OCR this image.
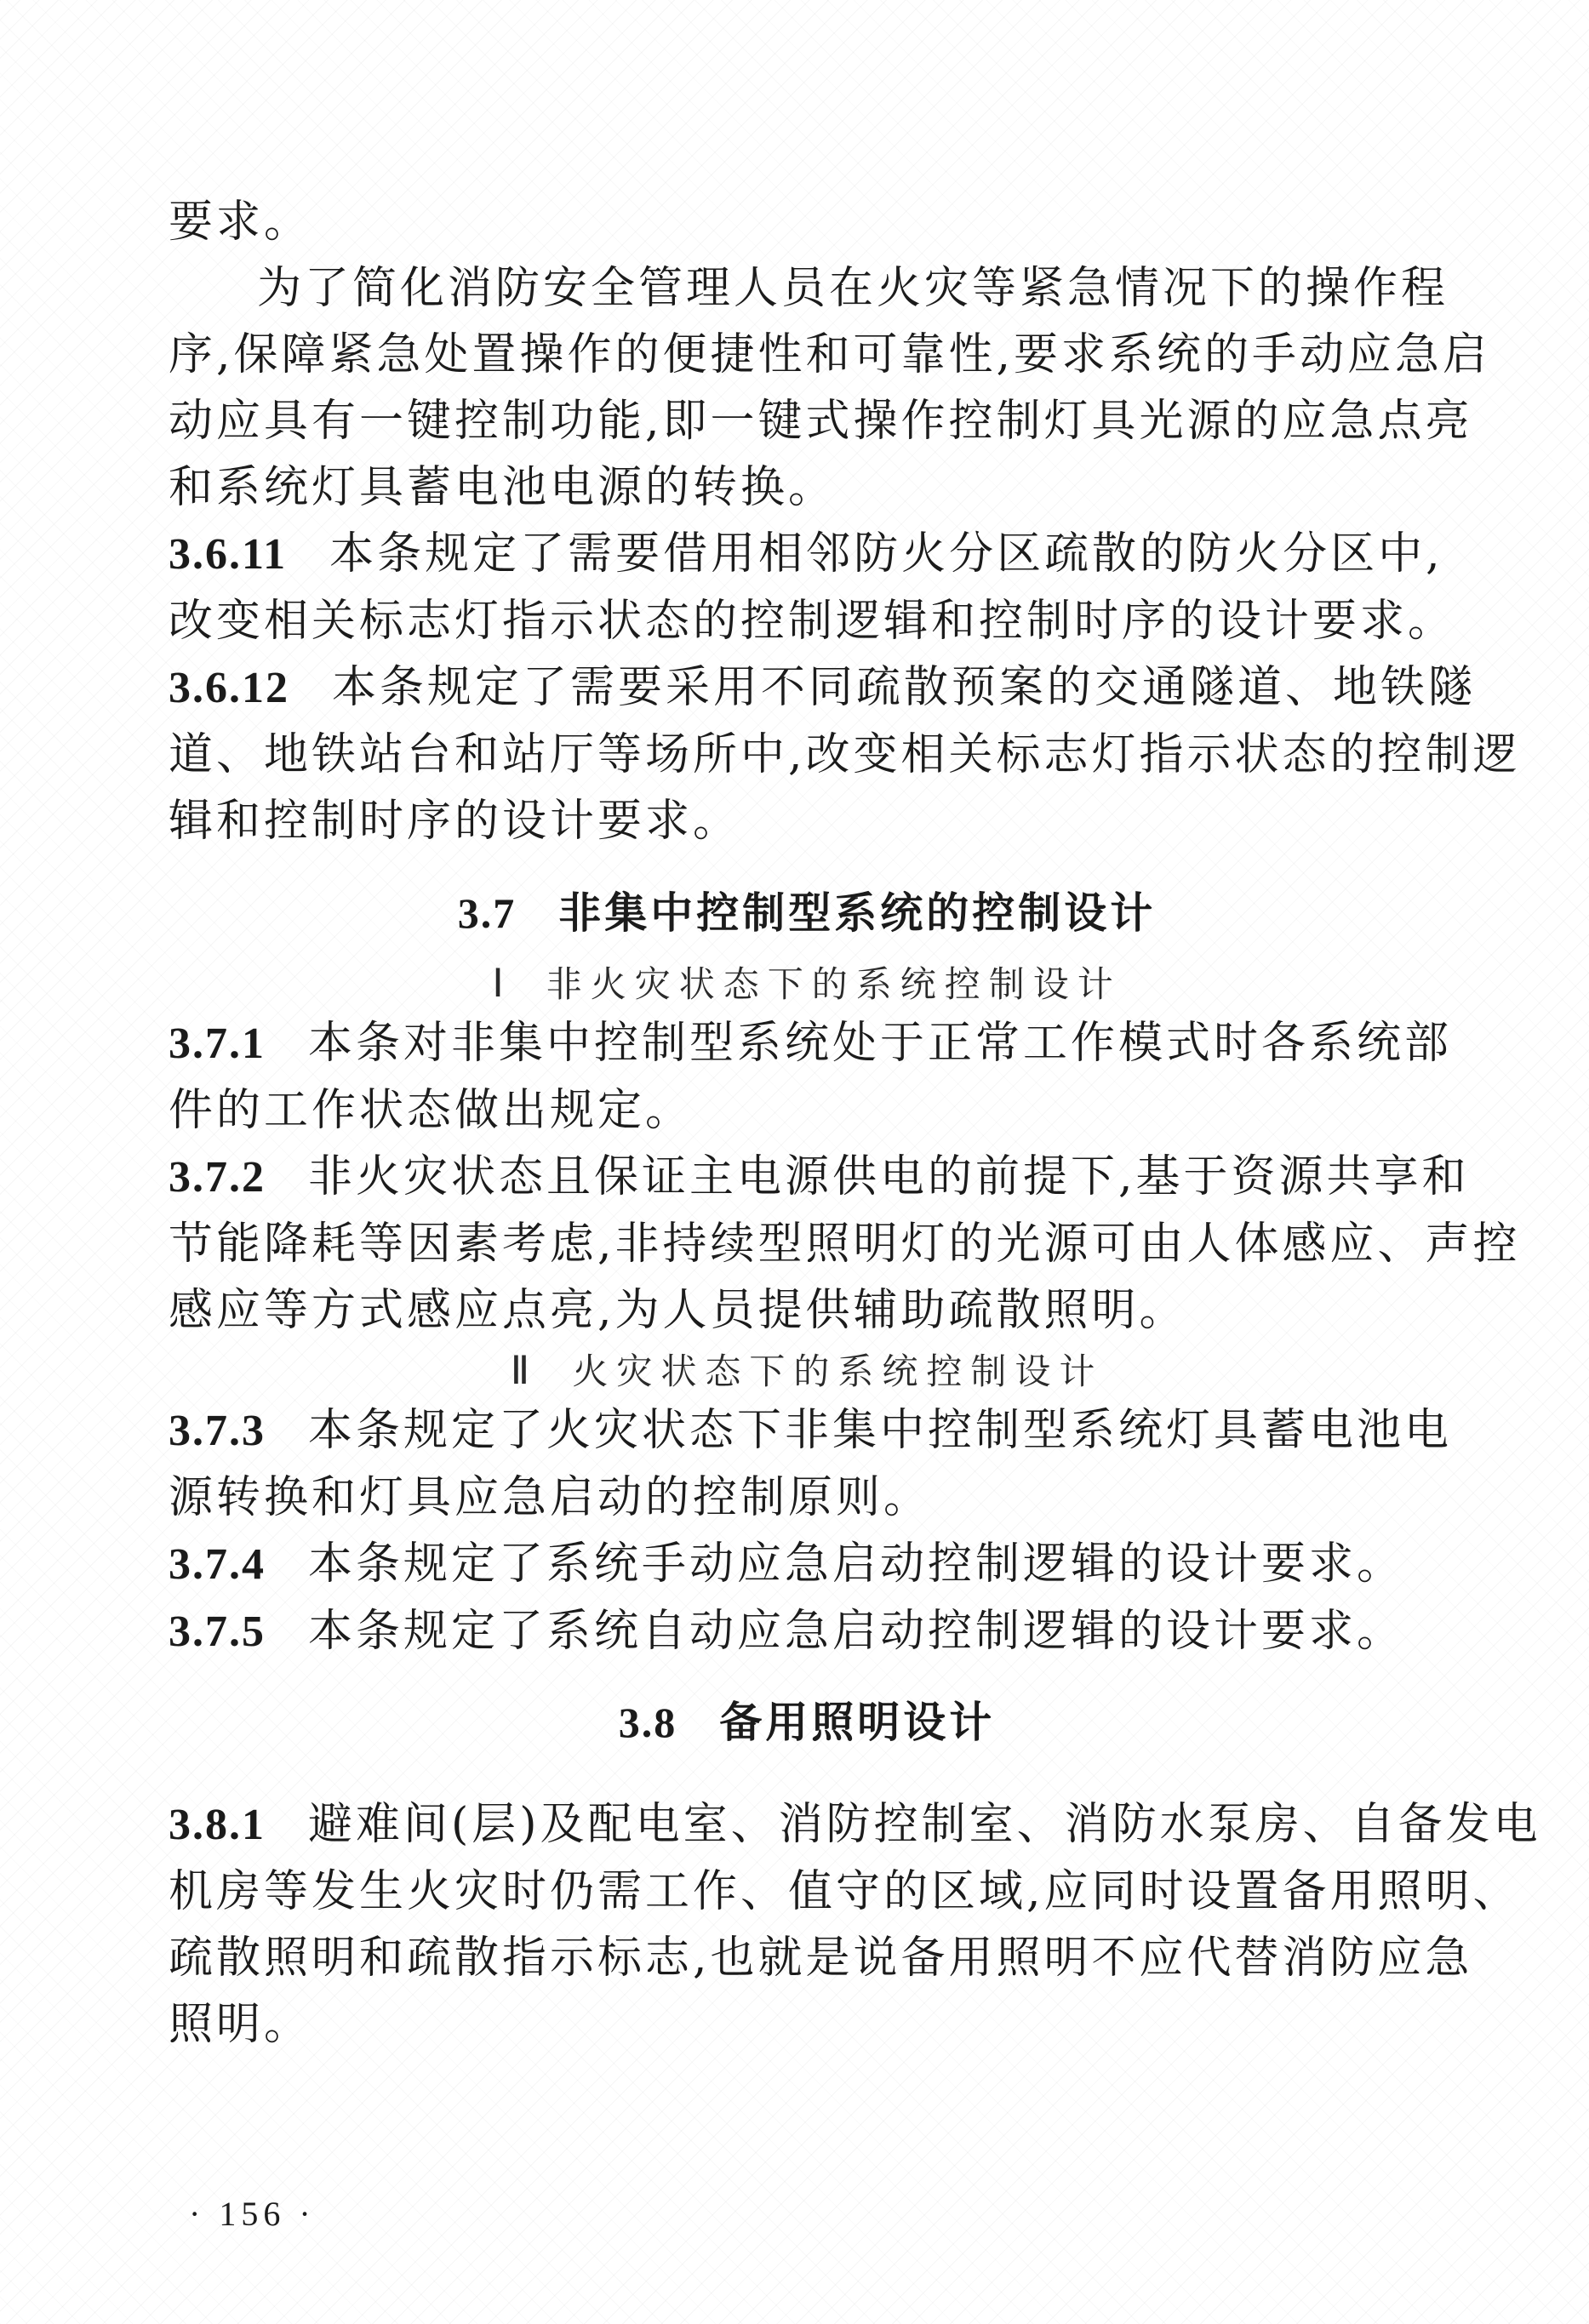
要求。
为了简化消防安全管理人员在火灾等紧急情况下的操作程
序,保障紧急处置操作的便捷性和可靠性,要求系统的手动应急启
动应具有一键控制功能,即一键式操作控制灯具光源的应急点亮
和系统灯具蓄电池电源的转换。
3.6.11 本条规定了需要借用相邻防火分区疏散的防火分区中,
改变相关标志灯指示状态的控制逻辑和控制时序的设计要求。
3.6.12 本条规定了需要采用不同疏散预案的交通隧道、地铁隧
道、地铁站台和站厅等场所中,改变相关标志灯指示状态的控制逻
辑和控制时序的设计要求。
3.7 非集中控制型系统的控制设计
Ⅰ 非火灾状态下的系统控制设计
3.7.1 本条对非集中控制型系统处于正常工作模式时各系统部
件的工作状态做出规定。
3.7.2 非火灾状态且保证主电源供电的前提下,基于资源共享和
节能降耗等因素考虑,非持续型照明灯的光源可由人体感应、声控
感应等方式感应点亮,为人员提供辅助疏散照明。
Ⅱ 火灾状态下的系统控制设计
3.7.3 本条规定了火灾状态下非集中控制型系统灯具蓄电池电
源转换和灯具应急启动的控制原则。
3.7.4 本条规定了系统手动应急启动控制逻辑的设计要求。
3.7.5 本条规定了系统自动应急启动控制逻辑的设计要求。
3.8 备用照明设计
3.8.1 避难间(层)及配电室、消防控制室、消防水泵房、自备发电
机房等发生火灾时仍需工作、值守的区域,应同时设置备用照明、
疏散照明和疏散指示标志,也就是说备用照明不应代替消防应急
照明。
· 156 ·
